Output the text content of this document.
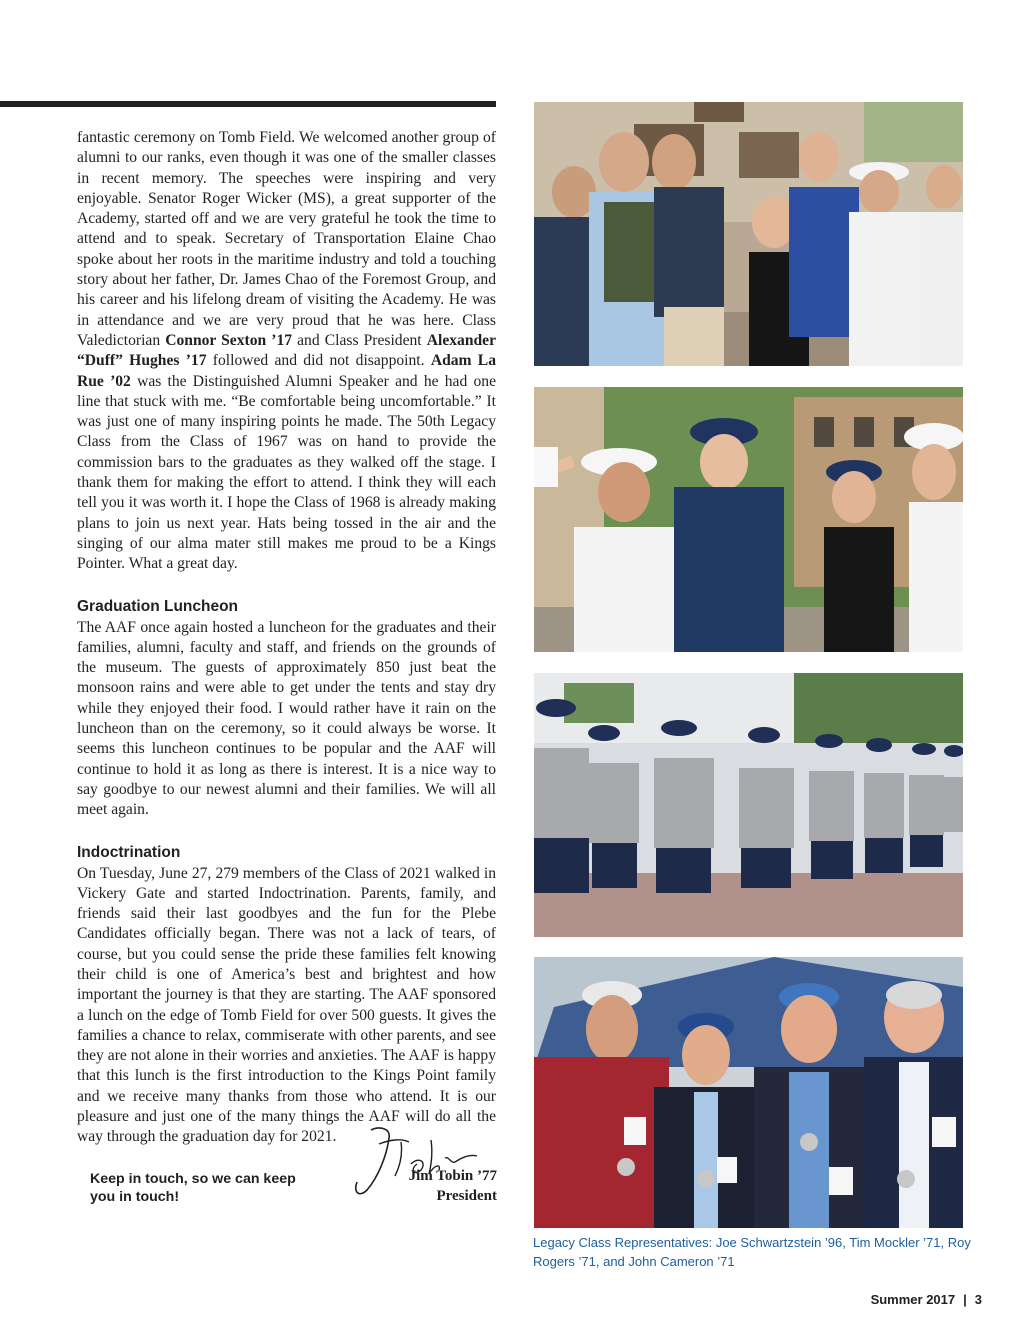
fantastic ceremony on Tomb Field. We welcomed another group of alumni to our ranks, even though it was one of the smaller classes in recent memory. The speeches were inspiring and very enjoyable. Senator Roger Wicker (MS), a great supporter of the Academy, started off and we are very grateful he took the time to attend and to speak. Secretary of Transportation Elaine Chao spoke about her roots in the maritime industry and told a touching story about her father, Dr. James Chao of the Foremost Group, and his career and his lifelong dream of visiting the Academy. He was in attendance and we are very proud that he was here. Class Valedictorian Connor Sexton ’17 and Class President Alexander “Duff” Hughes ’17 followed and did not disappoint. Adam La Rue ’02 was the Distinguished Alumni Speaker and he had one line that stuck with me. “Be comfortable being uncomfortable.” It was just one of many inspiring points he made. The 50th Legacy Class from the Class of 1967 was on hand to provide the commission bars to the graduates as they walked off the stage. I thank them for making the effort to attend. I think they will each tell you it was worth it. I hope the Class of 1968 is already making plans to join us next year. Hats being tossed in the air and the singing of our alma mater still makes me proud to be a Kings Pointer. What a great day.

Graduation Luncheon

The AAF once again hosted a luncheon for the graduates and their families, alumni, faculty and staff, and friends on the grounds of the museum. The guests of approximately 850 just beat the monsoon rains and were able to get under the tents and stay dry while they enjoyed their food. I would rather have it rain on the luncheon than on the ceremony, so it could always be worse. It seems this luncheon continues to be popular and the AAF will continue to hold it as long as there is interest. It is a nice way to say goodbye to our newest alumni and their families. We will all meet again.

Indoctrination

On Tuesday, June 27, 279 members of the Class of 2021 walked in Vickery Gate and started Indoctrination. Parents, family, and friends said their last goodbyes and the fun for the Plebe Candidates officially began. There was not a lack of tears, of course, but you could sense the pride these families felt knowing their child is one of America’s best and brightest and how important the journey is that they are starting. The AAF sponsored a lunch on the edge of Tomb Field for over 500 guests. It gives the families a chance to relax, commiserate with other parents, and see they are not alone in their worries and anxieties. The AAF is happy that this lunch is the first introduction to the Kings Point family and we receive many thanks from those who attend. It is our pleasure and just one of the many things the AAF will do all the way through the graduation day for 2021.

Keep in touch, so we can keep you in touch!
Jim Tobin ’77
President
Legacy Class Representatives: Joe Schwartzstein ’96, Tim Mockler ’71, Roy Rogers ’71, and John Cameron ’71
Summer 2017 | 3
